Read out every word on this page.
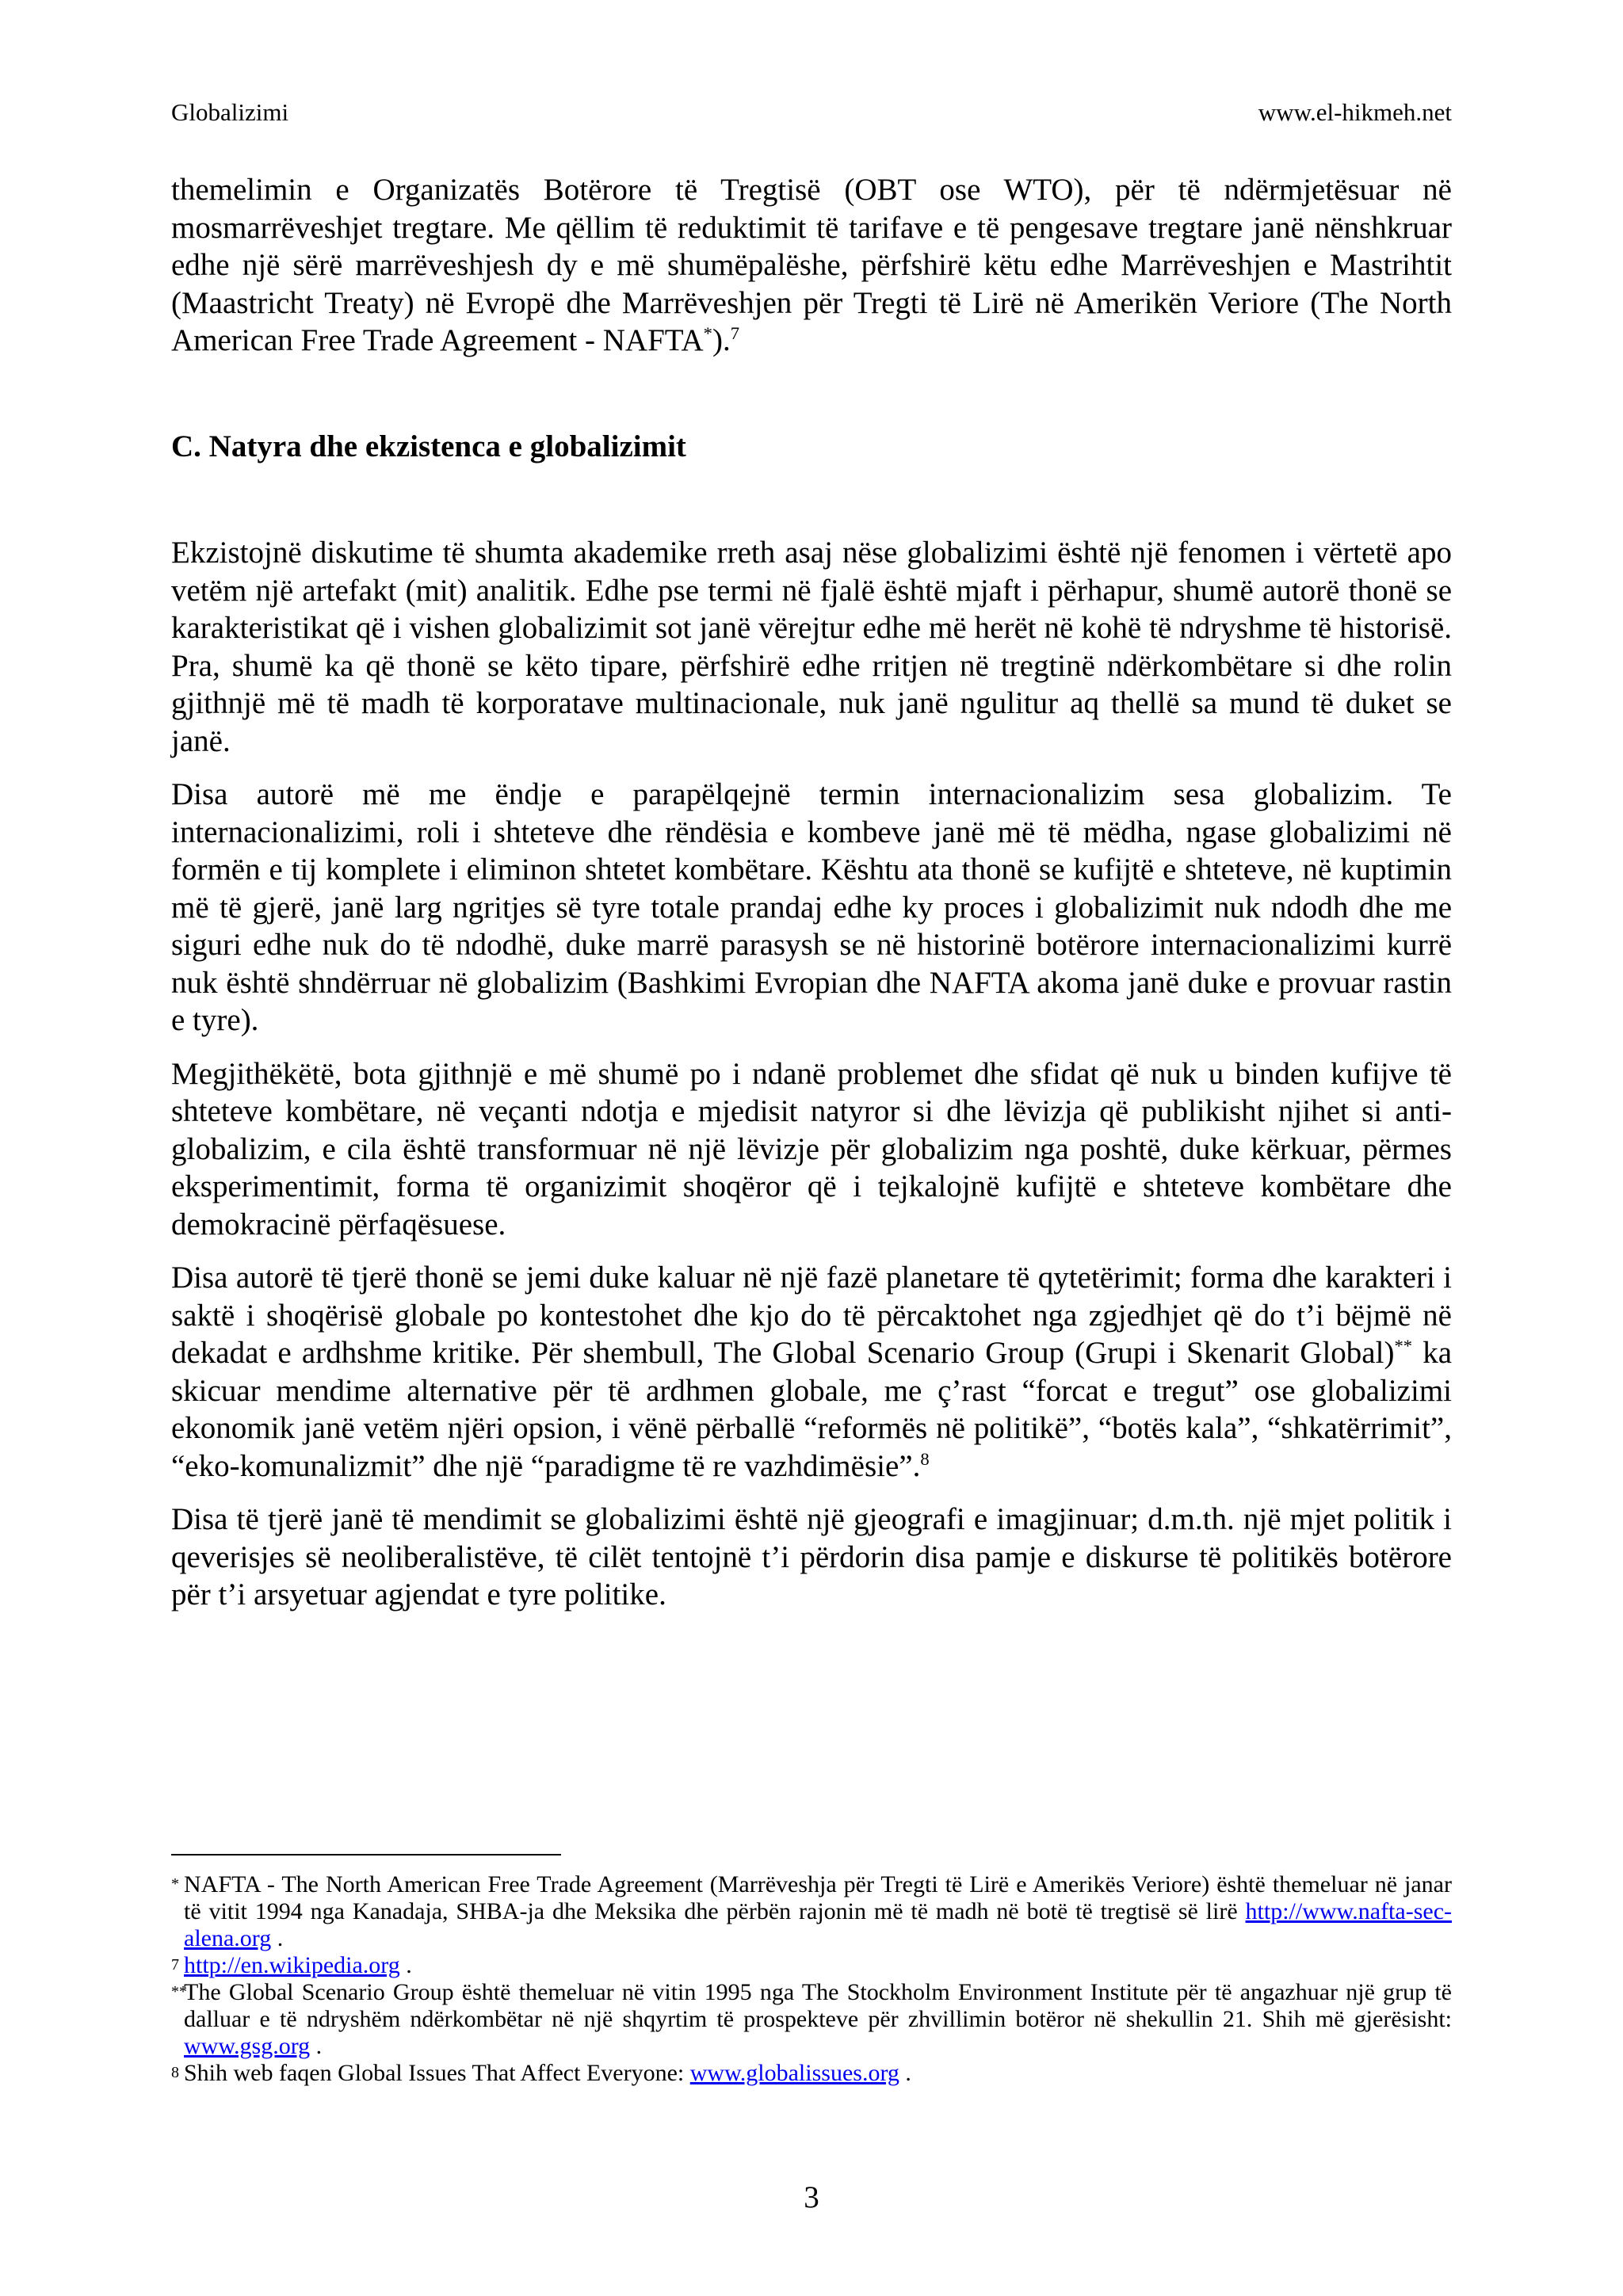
Globalizimi	www.el-hikmeh.net

themelimin e Organizatës Botërore të Tregtisë (OBT ose WTO), për të ndërmjetësuar në mosmarrëveshjet tregtare. Me qëllim të reduktimit të tarifave e të pengesave tregtare janë nënshkruar edhe një sërë marrëveshjesh dy e më shumëpalëshe, përfshirë këtu edhe Marrëveshjen e Mastrihtit (Maastricht Treaty) në Evropë dhe Marrëveshjen për Tregti të Lirë në Amerikën Veriore (The North American Free Trade Agreement - NAFTA*).$^7$

C. Natyra dhe ekzistenca e globalizimit

Ekzistojnë diskutime të shumta akademike rreth asaj nëse globalizimi është një fenomen i vërtetë apo vetëm një artefakt (mit) analitik. Edhe pse termi në fjalë është mjaft i përhapur, shumë autorë thonë se karakteristikat që i vishen globalizimit sot janë vërejtur edhe më herët në kohë të ndryshme të historisë. Pra, shumë ka që thonë se këto tipare, përfshirë edhe rritjen në tregtinë ndërkombëtare si dhe rolin gjithnjë më të madh të korporatave multinacionale, nuk janë ngulitur aq thellë sa mund të duket se janë.

Disa autorë më me ëndje e parapëlqejnë termin internacionalizim sesa globalizim. Te internacionalizimi, roli i shteteve dhe rëndësia e kombeve janë më të mëdha, ngase globalizimi në formën e tij komplete i eliminon shtetet kombëtare. Kështu ata thonë se kufijtë e shteteve, në kuptimin më të gjerë, janë larg ngritjes së tyre totale prandaj edhe ky proces i globalizimit nuk ndodh dhe me siguri edhe nuk do të ndodhë, duke marrë parasysh se në historinë botërore internacionalizimi kurrë nuk është shndërruar në globalizim (Bashkimi Evropian dhe NAFTA akoma janë duke e provuar rastin e tyre).

Megjithëkëtë, bota gjithnjë e më shumë po i ndanë problemet dhe sfidat që nuk u binden kufijve të shteteve kombëtare, në veçanti ndotja e mjedisit natyror si dhe lëvizja që publikisht njihet si anti-globalizim, e cila është transformuar në një lëvizje për globalizim nga poshtë, duke kërkuar, përmes eksperimentimit, forma të organizimit shoqëror që i tejkalojnë kufijtë e shteteve kombëtare dhe demokracinë përfaqësuese.

Disa autorë të tjerë thonë se jemi duke kaluar në një fazë planetare të qytetërimit; forma dhe karakteri i saktë i shoqërisë globale po kontestohet dhe kjo do të përcaktohet nga zgjedhjet që do t’i bëjmë në dekadat e ardhshme kritike. Për shembull, The Global Scenario Group (Grupi i Skenarit Global)** ka skicuar mendime alternative për të ardhmen globale, me ç’rast “forcat e tregut” ose globalizimi ekonomik janë vetëm njëri opsion, i vënë përballë “reformës në politikë”, “botës kala”, “shkatërrimit”, “eko-komunalizmit” dhe një “paradigme të re vazhdimësie”.$^8$

Disa të tjerë janë të mendimit se globalizimi është një gjeografi e imagjinuar; d.m.th. një mjet politik i qeverisjes së neoliberalistëve, të cilët tentojnë t’i përdorin disa pamje e diskurse të politikës botërore për t’i arsyetuar agjendat e tyre politike.

* NAFTA - The North American Free Trade Agreement (Marrëveshja për Tregti të Lirë e Amerikës Veriore) është themeluar në janar të vitit 1994 nga Kanadaja, SHBA-ja dhe Meksika dhe përbën rajonin më të madh në botë të tregtisë së lirë http://www.nafta-sec-alena.org .
7 http://en.wikipedia.org .
**
The Global Scenario Group është themeluar në vitin 1995 nga The Stockholm Environment Institute për të angazhuar një grup të dalluar e të ndryshëm ndërkombëtar në një shqyrtim të prospekteve për zhvillimin botëror në shekullin 21. Shih më gjerësisht: www.gsg.org .
8 Shih web faqen Global Issues That Affect Everyone: www.globalissues.org .
3
